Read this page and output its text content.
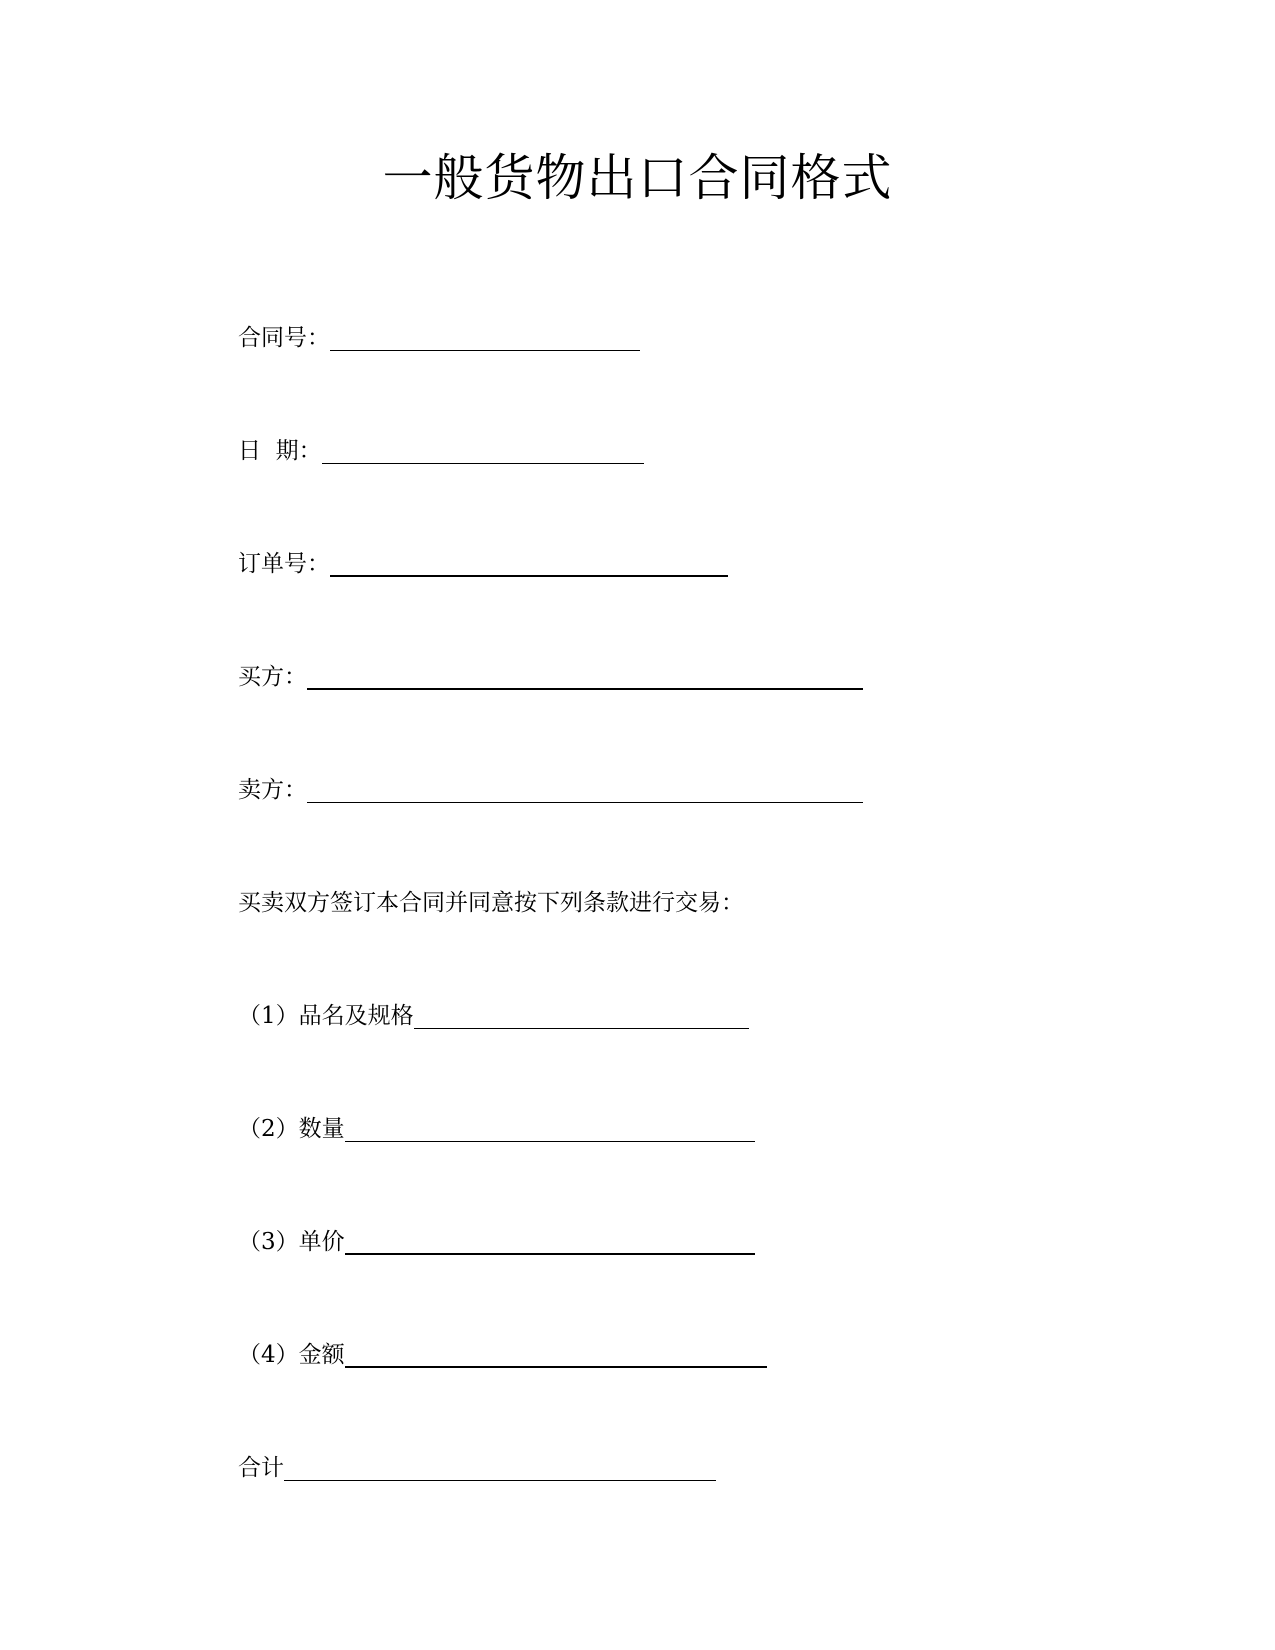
一般货物出口合同格式
合同号：
日  期：
订单号：
买方：
卖方：
买卖双方签订本合同并同意按下列条款进行交易：
（1）品名及规格
（2）数量
（3）单价
（4）金额
合计
